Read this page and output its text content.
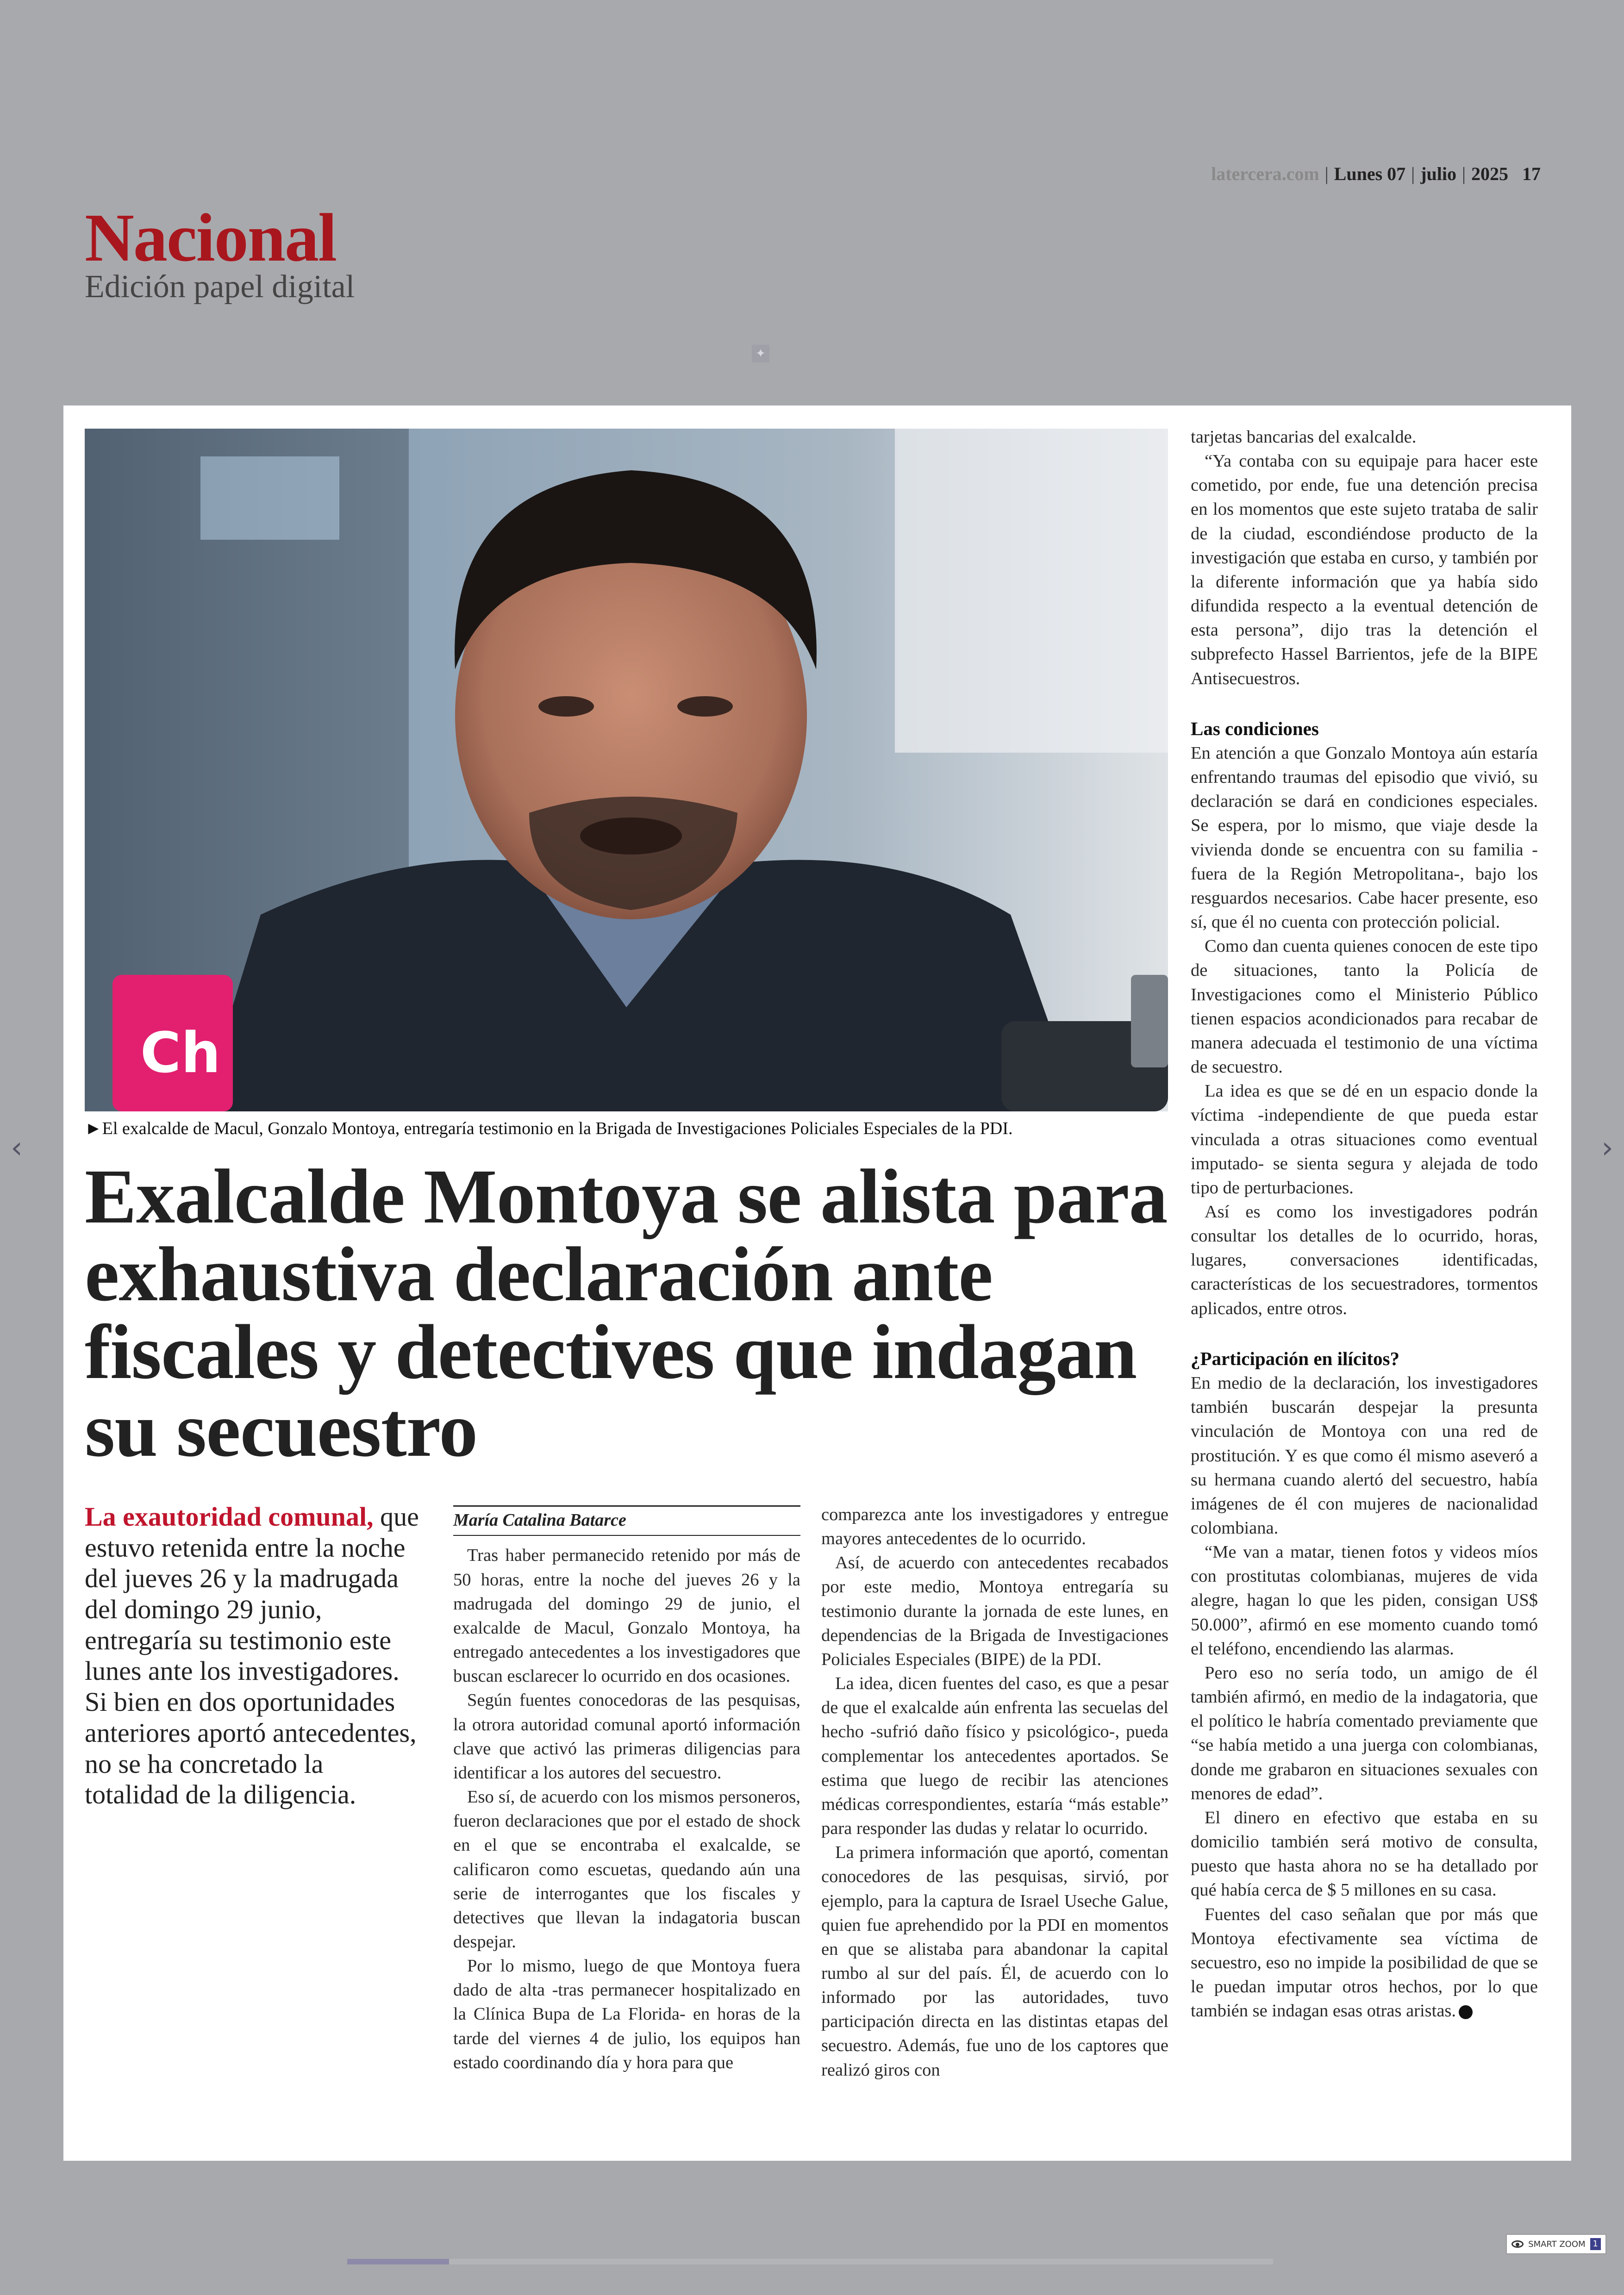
latercera.com | Lunes 07 | julio | 2025 17
Nacional
Edición papel digital
✦
Ch
►El exalcalde de Macul, Gonzalo Montoya, entregaría testimonio en la Brigada de Investigaciones Policiales Especiales de la PDI.
Exalcalde Montoya se alista para exhaustiva declaración ante fiscales y detectives que indagan su secuestro
La exautoridad comunal, que estuvo retenida entre la noche del jueves 26 y la madrugada del domingo 29 junio, entregaría su testimonio este lunes ante los investigadores. Si bien en dos oportunidades anteriores aportó antecedentes, no se ha concretado la totalidad de la diligencia.
María Catalina Batarce

Tras haber permanecido retenido por más de 50 horas, entre la noche del jueves 26 y la madrugada del domingo 29 de junio, el exalcalde de Macul, Gonzalo Montoya, ha entregado antecedentes a los investigadores que buscan esclarecer lo ocurrido en dos ocasiones.

Según fuentes conocedoras de las pesquisas, la otrora autoridad comunal aportó información clave que activó las primeras diligencias para identificar a los autores del secuestro.

Eso sí, de acuerdo con los mismos personeros, fueron declaraciones que por el estado de shock en el que se encontraba el exalcalde, se calificaron como escuetas, quedando aún una serie de interrogantes que los fiscales y detectives que llevan la indagatoria buscan despejar.

Por lo mismo, luego de que Montoya fuera dado de alta -tras permanecer hospitalizado en la Clínica Bupa de La Florida- en horas de la tarde del viernes 4 de julio, los equipos han estado coordinando día y hora para que

comparezca ante los investigadores y entregue mayores antecedentes de lo ocurrido.

Así, de acuerdo con antecedentes recabados por este medio, Montoya entregaría su testimonio durante la jornada de este lunes, en dependencias de la Brigada de Investigaciones Policiales Especiales (BIPE) de la PDI.

La idea, dicen fuentes del caso, es que a pesar de que el exalcalde aún enfrenta las secuelas del hecho -sufrió daño físico y psicológico-, pueda complementar los antecedentes aportados. Se estima que luego de recibir las atenciones médicas correspondientes, estaría “más estable” para responder las dudas y relatar lo ocurrido.

La primera información que aportó, comentan conocedores de las pesquisas, sirvió, por ejemplo, para la captura de Israel Useche Galue, quien fue aprehendido por la PDI en momentos en que se alistaba para abandonar la capital rumbo al sur del país. Él, de acuerdo con lo informado por las autoridades, tuvo participación directa en las distintas etapas del secuestro. Además, fue uno de los captores que realizó giros con

tarjetas bancarias del exalcalde.

“Ya contaba con su equipaje para hacer este cometido, por ende, fue una detención precisa en los momentos que este sujeto trataba de salir de la ciudad, escondiéndose producto de la investigación que estaba en curso, y también por la diferente información que ya había sido difundida respecto a la eventual detención de esta persona”, dijo tras la detención el subprefecto Hassel Barrientos, jefe de la BIPE Antisecuestros.

Las condiciones

En atención a que Gonzalo Montoya aún estaría enfrentando traumas del episodio que vivió, su declaración se dará en condiciones especiales. Se espera, por lo mismo, que viaje desde la vivienda donde se encuentra con su familia -fuera de la Región Metropolitana-, bajo los resguardos necesarios. Cabe hacer presente, eso sí, que él no cuenta con protección policial.

Como dan cuenta quienes conocen de este tipo de situaciones, tanto la Policía de Investigaciones como el Ministerio Público tienen espacios acondicionados para recabar de manera adecuada el testimonio de una víctima de secuestro.

La idea es que se dé en un espacio donde la víctima -independiente de que pueda estar vinculada a otras situaciones como eventual imputado- se sienta segura y alejada de todo tipo de perturbaciones.

Así es como los investigadores podrán consultar los detalles de lo ocurrido, horas, lugares, conversaciones identificadas, características de los secuestradores, tormentos aplicados, entre otros.

¿Participación en ilícitos?

En medio de la declaración, los investigadores también buscarán despejar la presunta vinculación de Montoya con una red de prostitución. Y es que como él mismo aseveró a su hermana cuando alertó del secuestro, había imágenes de él con mujeres de nacionalidad colombiana.

“Me van a matar, tienen fotos y videos míos con prostitutas colombianas, mujeres de vida alegre, hagan lo que les piden, consigan US$ 50.000”, afirmó en ese momento cuando tomó el teléfono, encendiendo las alarmas.

Pero eso no sería todo, un amigo de él también afirmó, en medio de la indagatoria, que el político le habría comentado previamente que “se había metido a una juerga con colombianas, donde me grabaron en situaciones sexuales con menores de edad”.

El dinero en efectivo que estaba en su domicilio también será motivo de consulta, puesto que hasta ahora no se ha detallado por qué había cerca de $ 5 millones en su casa.

Fuentes del caso señalan que por más que Montoya efectivamente sea víctima de secuestro, eso no impide la posibilidad de que se le puedan imputar otros hechos, por lo que también se indagan esas otras aristas.

‹	›
SMART ZOOM 1
